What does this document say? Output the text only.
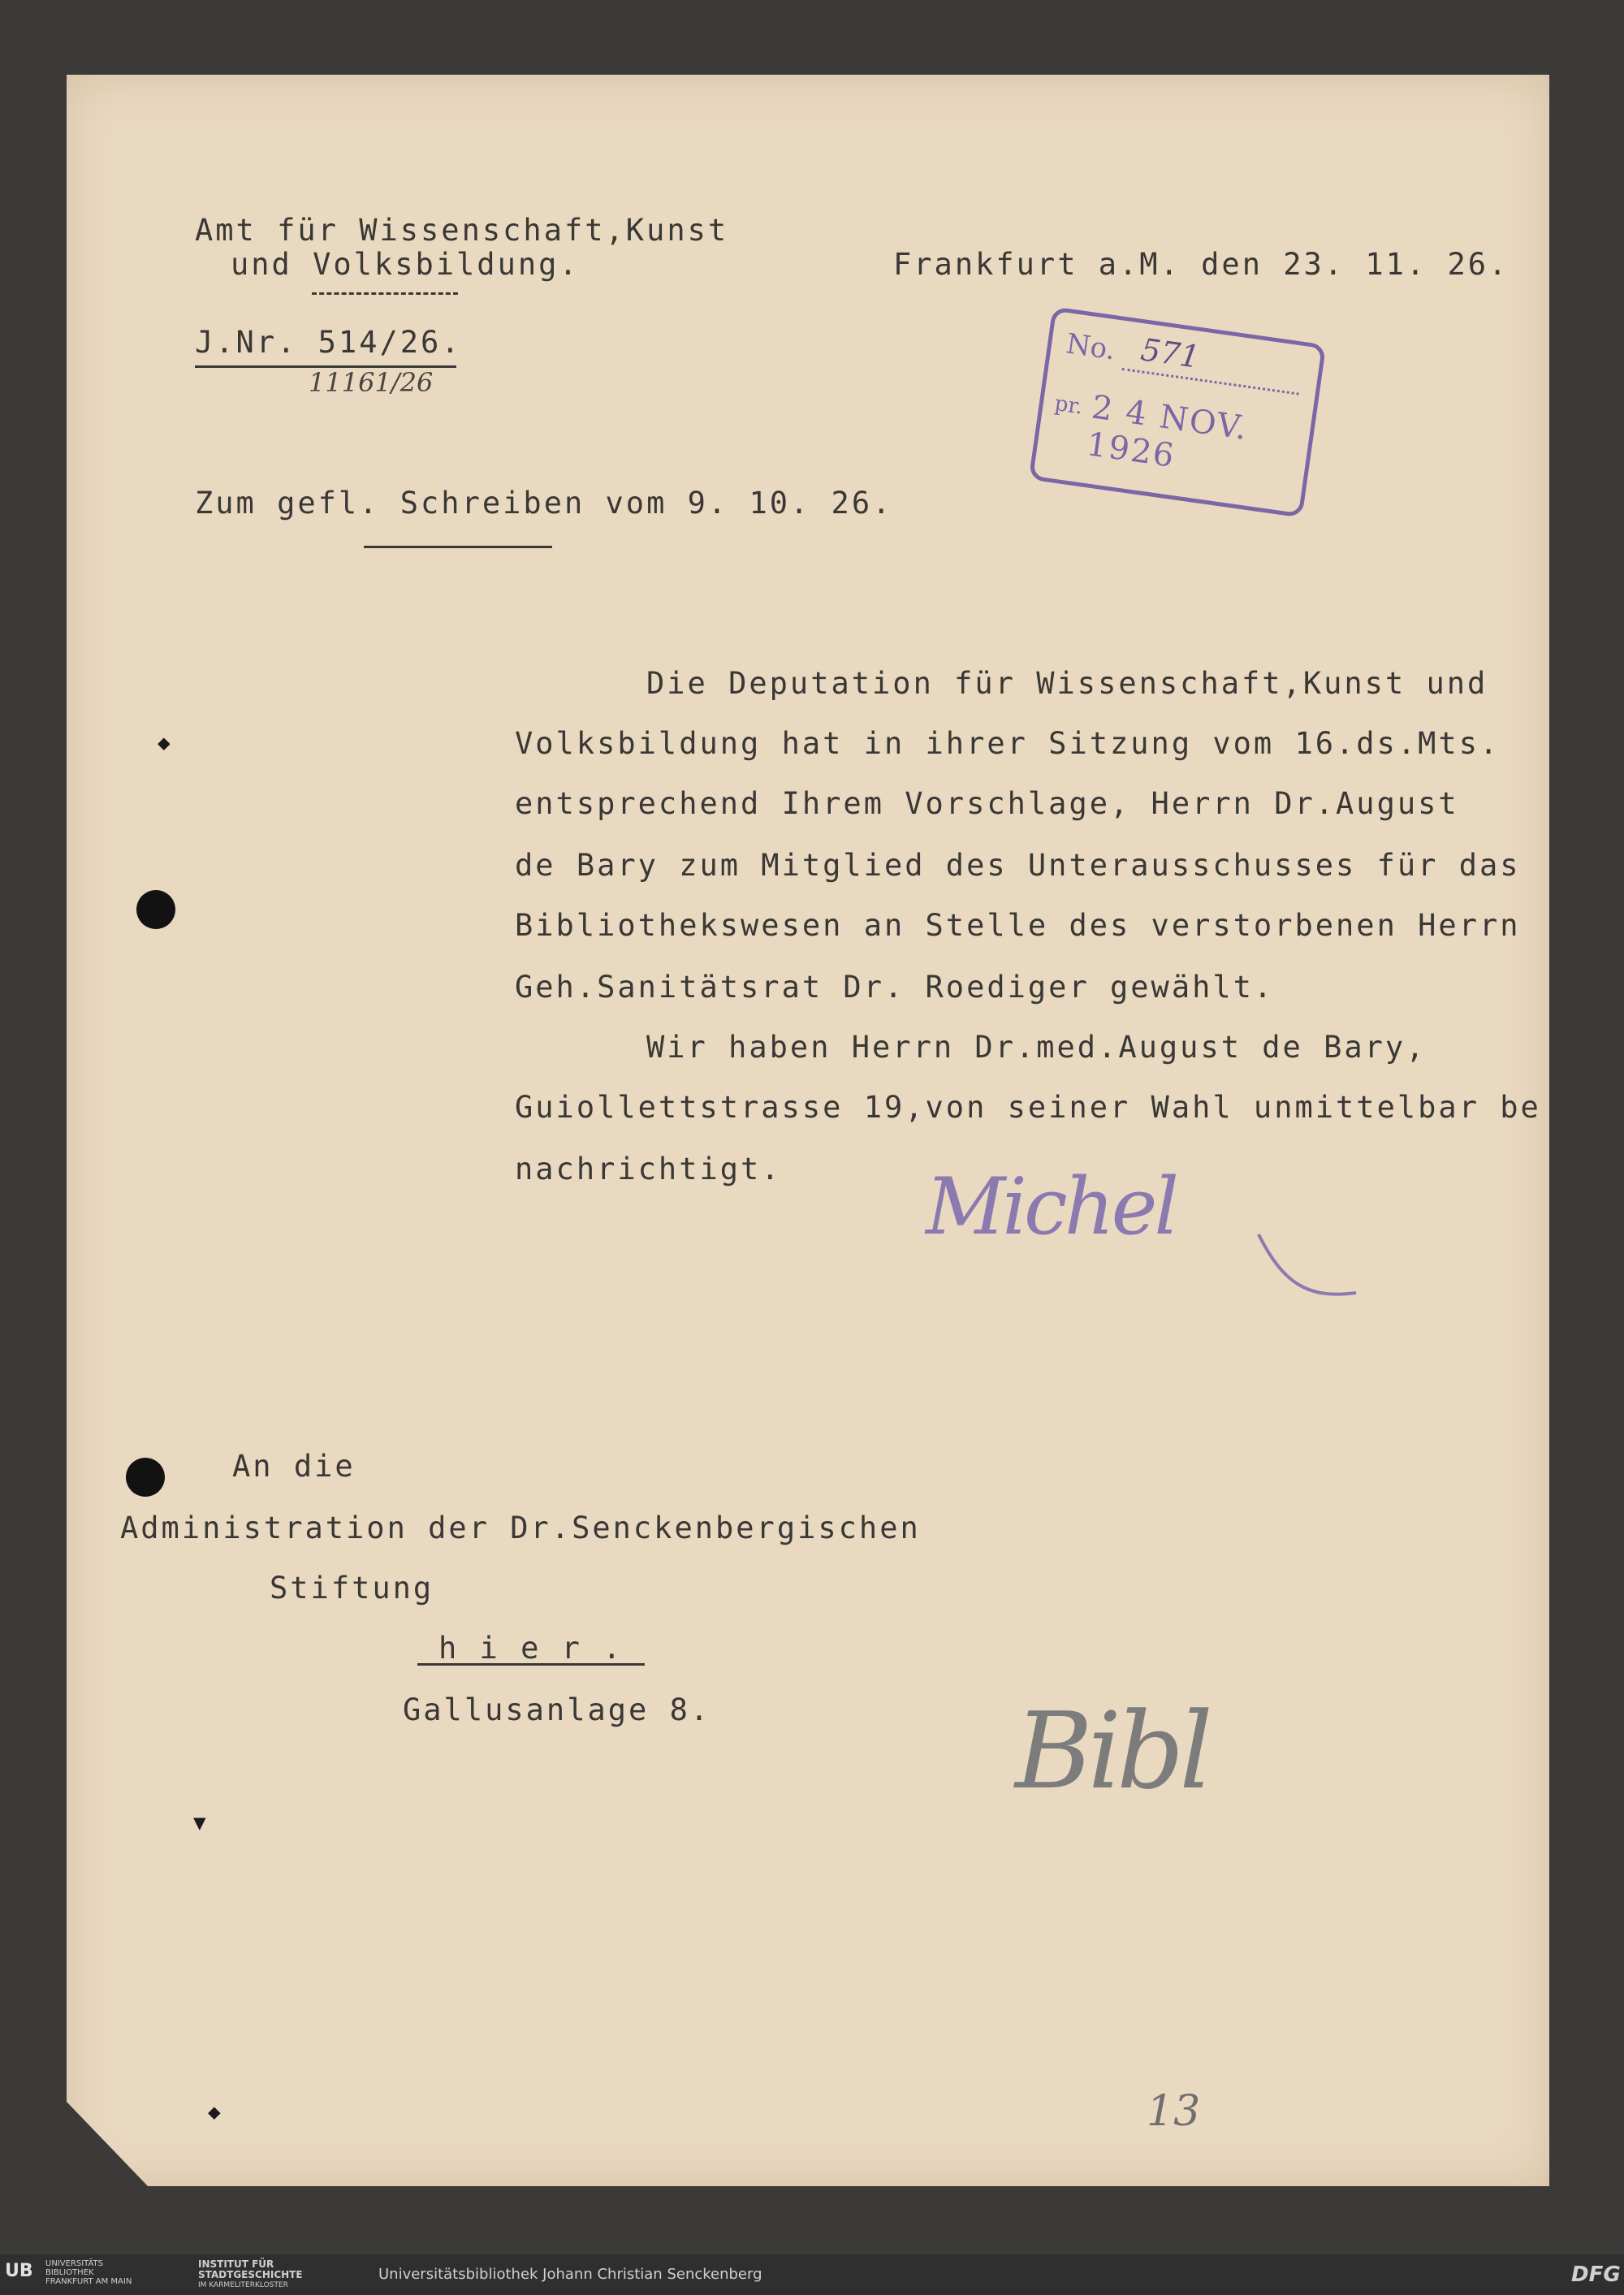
◆
▼
◆
Amt für Wissenschaft,Kunst
und Volksbildung.	Frankfurt a.M. den 23. 11. 26.
J.Nr. 514/26.
11161/26
Zum gefl. Schreiben vom 9. 10. 26.
No. 571
pr. 2 4 NOV. 1926
Die Deputation für Wissenschaft,Kunst und
Volksbildung hat in ihrer Sitzung vom 16.ds.Mts.
entsprechend Ihrem Vorschlage, Herrn Dr.August
de Bary zum Mitglied des Unterausschusses für das
Bibliothekswesen an Stelle des verstorbenen Herrn
Geh.Sanitätsrat Dr. Roediger gewählt.
Wir haben Herrn Dr.med.August de Bary,
Guiollettstrasse 19,von seiner Wahl unmittelbar be -
nachrichtigt. Michel
An die
Administration der Dr.Senckenbergischen
Stiftung
h i e r .
Gallusanlage 8.	Bibl
13
UB UNIVERSITÄTS
BIBLIOTHEK
FRANKFURT AM MAIN
INSTITUT FÜR
STADTGESCHICHTE
IM KARMELITERKLOSTER
Universitätsbibliothek Johann Christian Senckenberg	DFG
